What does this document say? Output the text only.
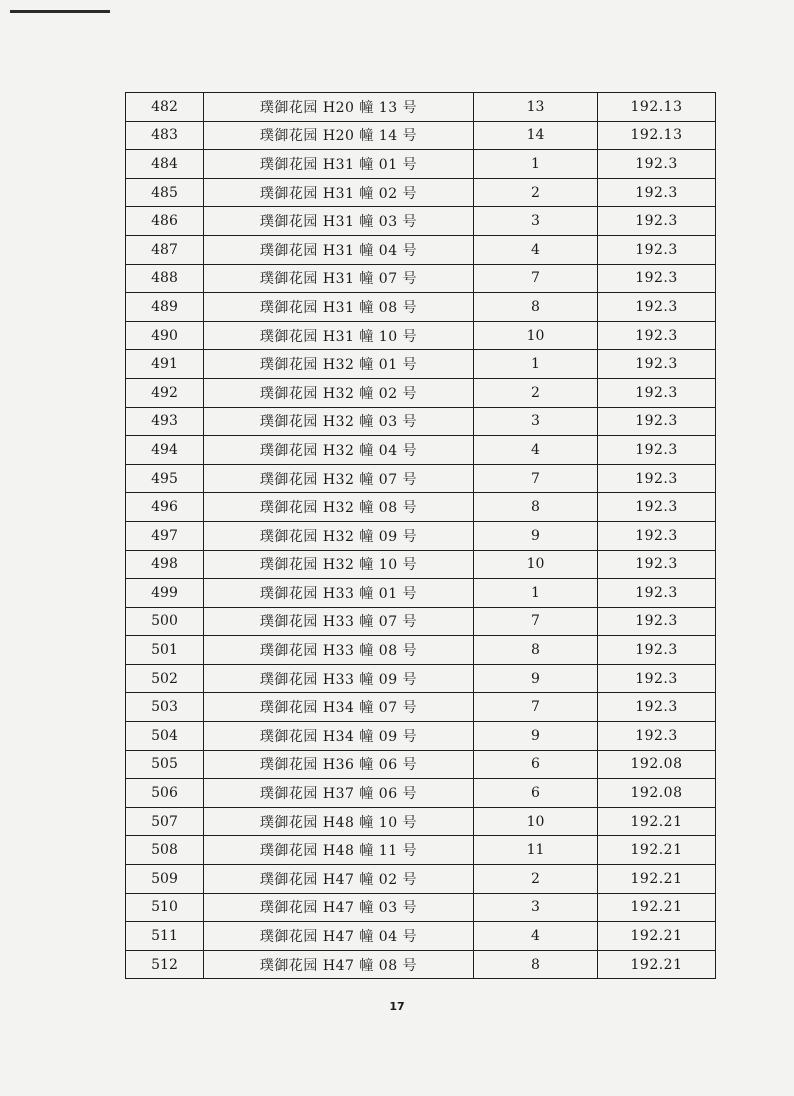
482	璞御花园 H20 幢 13 号	13	192.13
483	璞御花园 H20 幢 14 号	14	192.13
484	璞御花园 H31 幢 01 号	1	192.3
485	璞御花园 H31 幢 02 号	2	192.3
486	璞御花园 H31 幢 03 号	3	192.3
487	璞御花园 H31 幢 04 号	4	192.3
488	璞御花园 H31 幢 07 号	7	192.3
489	璞御花园 H31 幢 08 号	8	192.3
490	璞御花园 H31 幢 10 号	10	192.3
491	璞御花园 H32 幢 01 号	1	192.3
492	璞御花园 H32 幢 02 号	2	192.3
493	璞御花园 H32 幢 03 号	3	192.3
494	璞御花园 H32 幢 04 号	4	192.3
495	璞御花园 H32 幢 07 号	7	192.3
496	璞御花园 H32 幢 08 号	8	192.3
497	璞御花园 H32 幢 09 号	9	192.3
498	璞御花园 H32 幢 10 号	10	192.3
499	璞御花园 H33 幢 01 号	1	192.3
500	璞御花园 H33 幢 07 号	7	192.3
501	璞御花园 H33 幢 08 号	8	192.3
502	璞御花园 H33 幢 09 号	9	192.3
503	璞御花园 H34 幢 07 号	7	192.3
504	璞御花园 H34 幢 09 号	9	192.3
505	璞御花园 H36 幢 06 号	6	192.08
506	璞御花园 H37 幢 06 号	6	192.08
507	璞御花园 H48 幢 10 号	10	192.21
508	璞御花园 H48 幢 11 号	11	192.21
509	璞御花园 H47 幢 02 号	2	192.21
510	璞御花园 H47 幢 03 号	3	192.21
511	璞御花园 H47 幢 04 号	4	192.21
512	璞御花园 H47 幢 08 号	8	192.21
17
